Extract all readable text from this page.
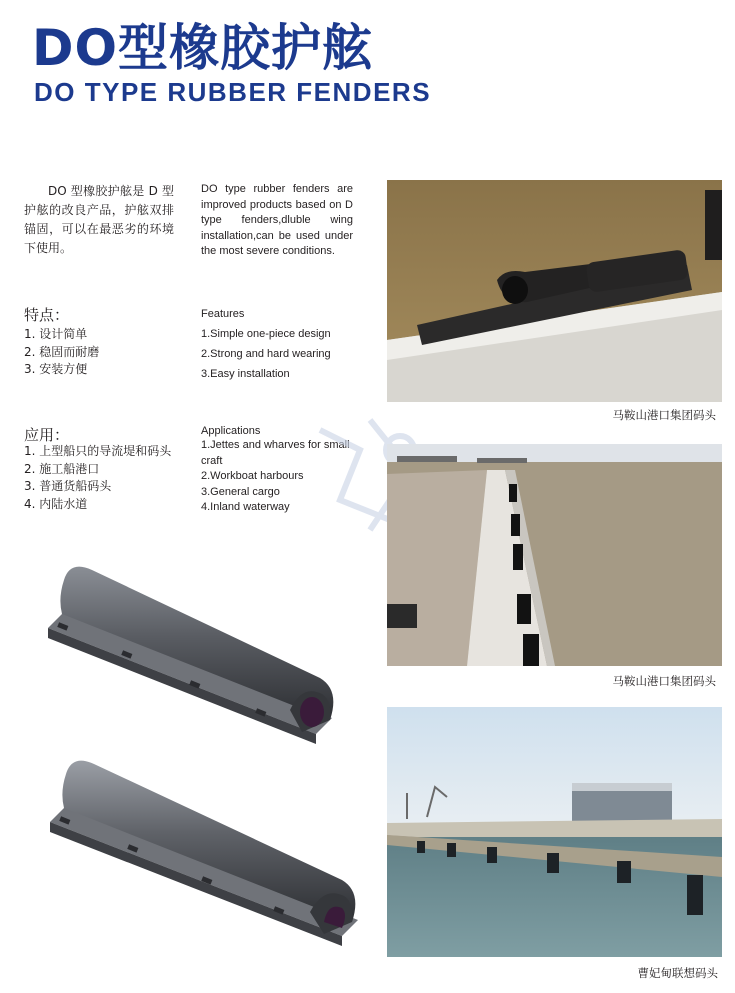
DO型橡胶护舷
DO TYPE RUBBER FENDERS
DO 型橡胶护舷是 D 型护舷的改良产品，护舷双排锚固，可以在最恶劣的环境下使用。
DO type rubber fenders are improved products based on D type fenders,dluble wing installation,can be used under the most severe conditions.
特点：
1. 设计简单
2. 稳固而耐磨
3. 安装方便
Features
1.Simple one-piece design
2.Strong and hard wearing
3.Easy installation
应用：
1. 上型船只的导流堤和码头
2. 施工船港口
3. 普通货船码头
4. 内陆水道
Applications
1.Jettes and wharves for small craft
2.Workboat harbours
3.General cargo
4.Inland waterway
马鞍山港口集团码头
马鞍山港口集团码头
曹妃甸联想码头
